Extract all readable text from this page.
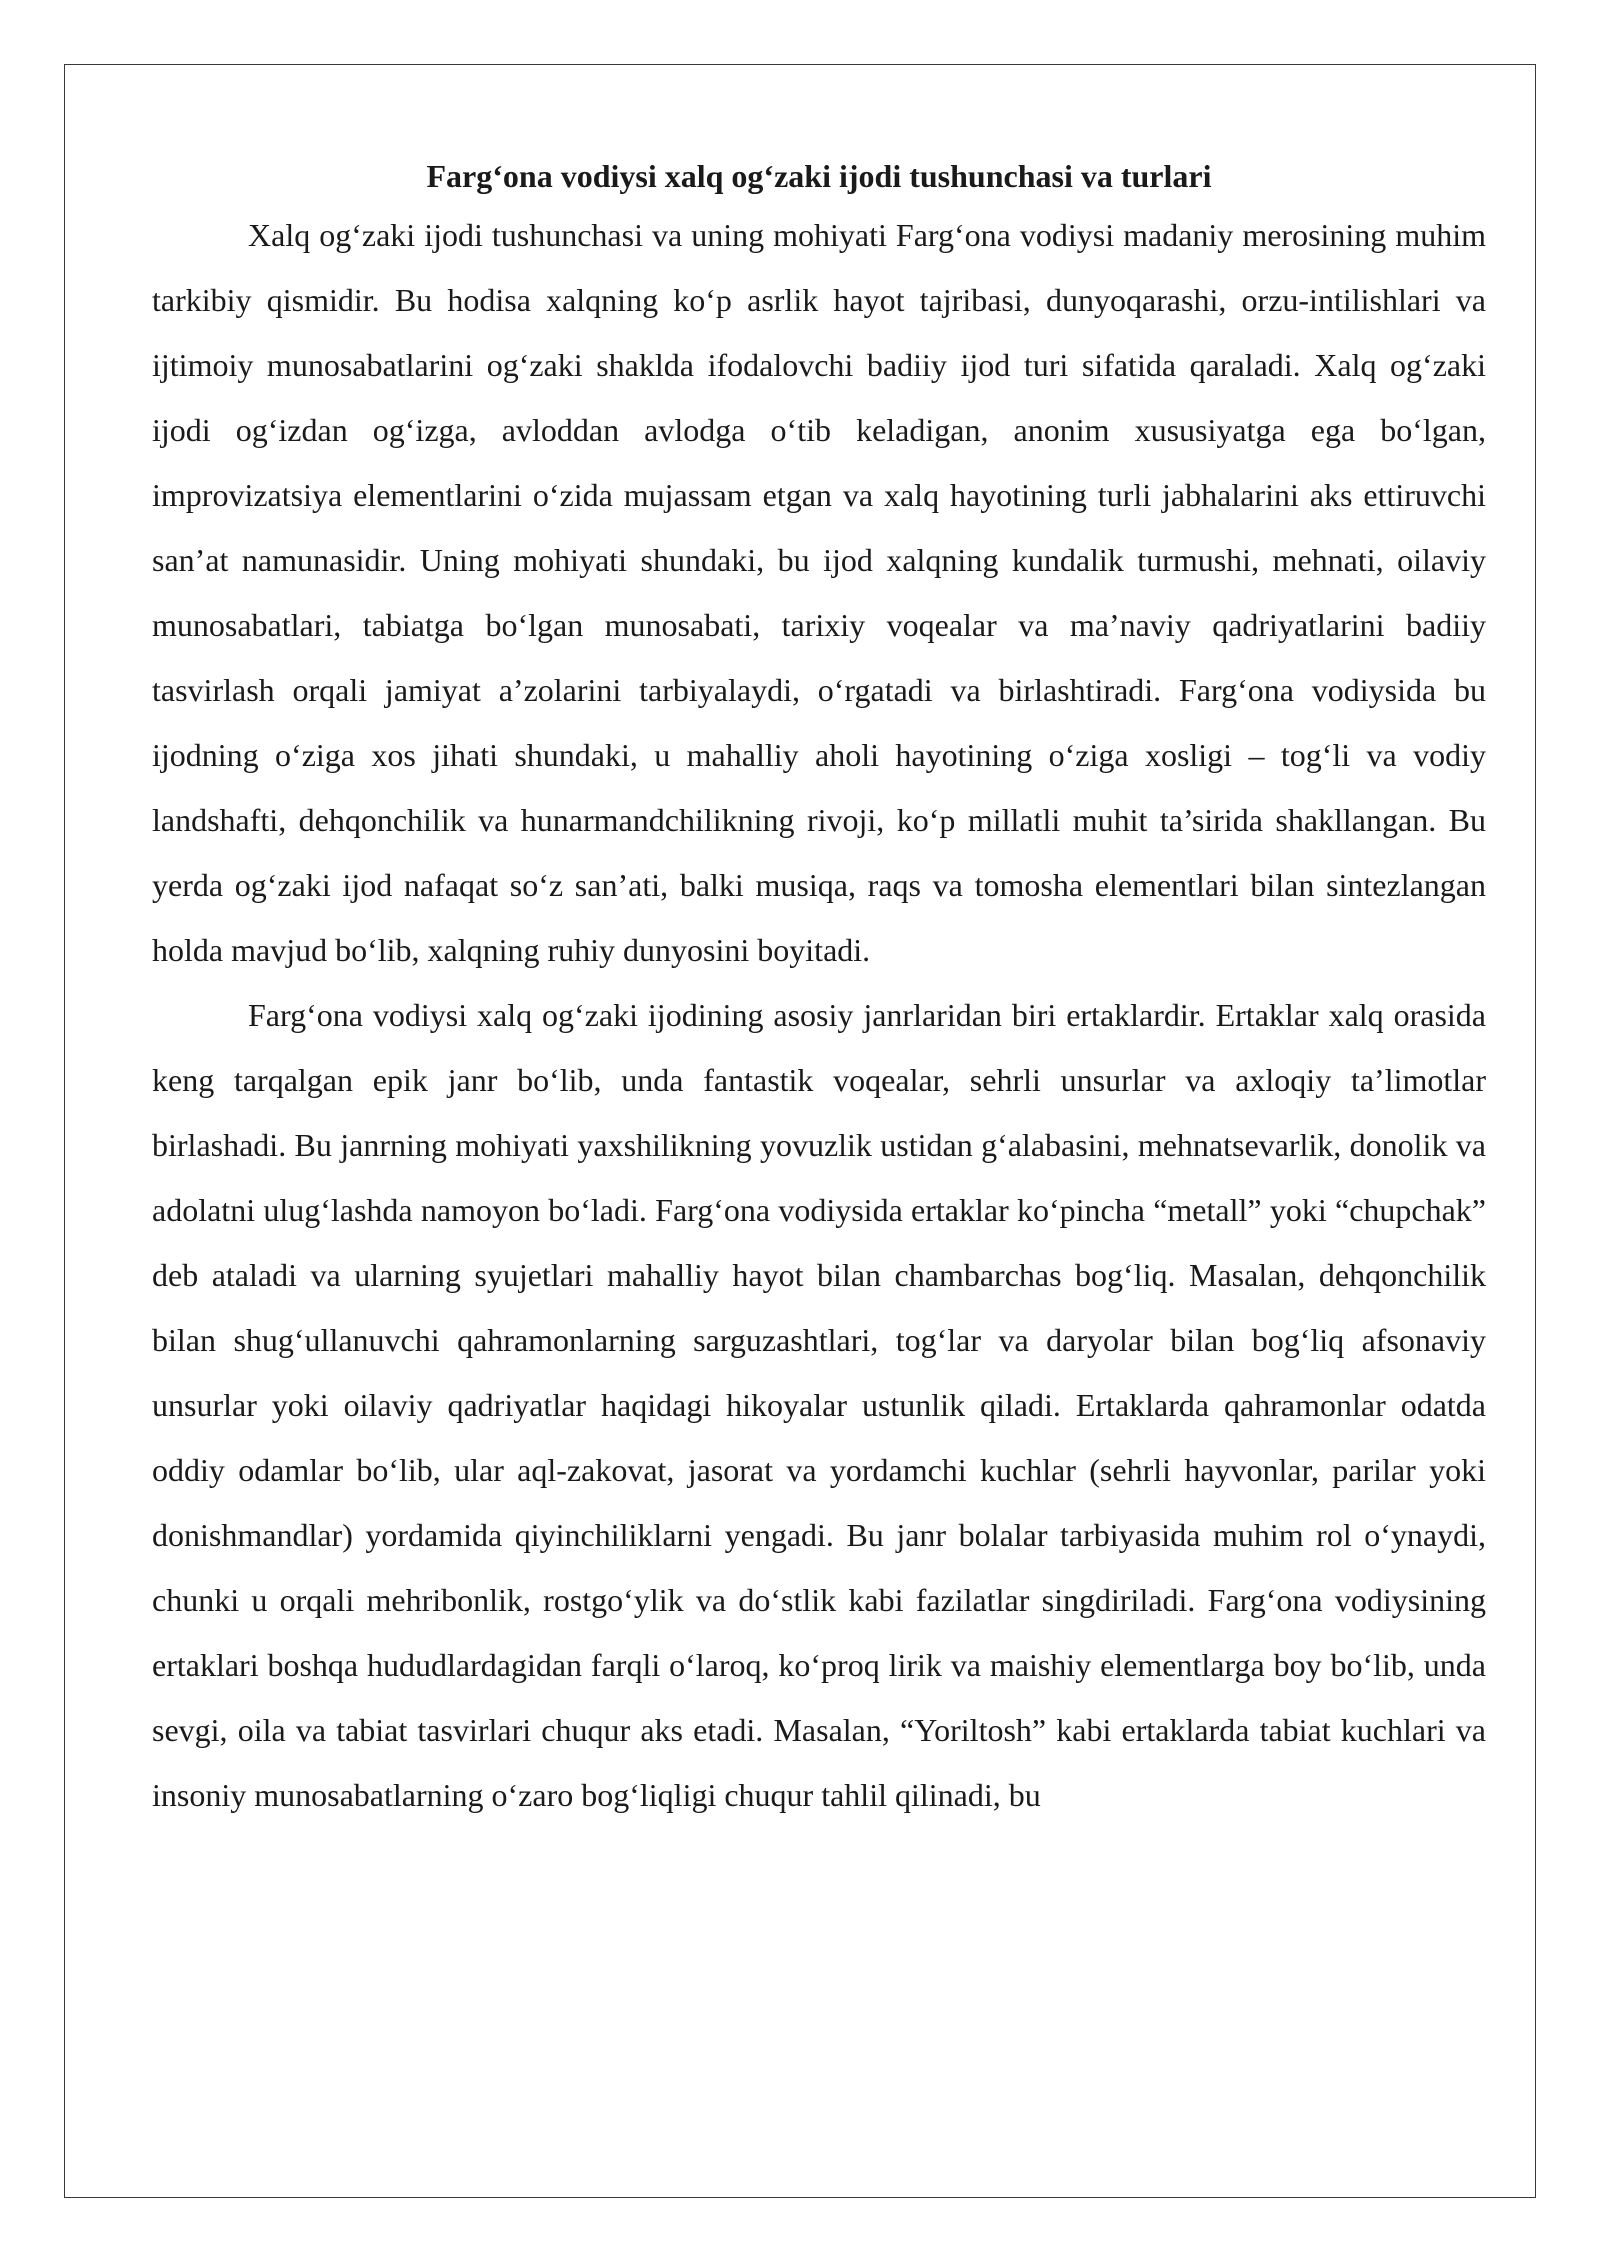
Farg‘ona vodiysi xalq og‘zaki ijodi tushunchasi va turlari

Xalq og‘zaki ijodi tushunchasi va uning mohiyati Farg‘ona vodiysi madaniy merosining muhim tarkibiy qismidir. Bu hodisa xalqning ko‘p asrlik hayot tajribasi, dunyoqarashi, orzu-intilishlari va ijtimoiy munosabatlarini og‘zaki shaklda ifodalovchi badiiy ijod turi sifatida qaraladi. Xalq og‘zaki ijodi og‘izdan og‘izga, avloddan avlodga o‘tib keladigan, anonim xususiyatga ega bo‘lgan, improvizatsiya elementlarini o‘zida mujassam etgan va xalq hayotining turli jabhalarini aks ettiruvchi san’at namunasidir. Uning mohiyati shundaki, bu ijod xalqning kundalik turmushi, mehnati, oilaviy munosabatlari, tabiatga bo‘lgan munosabati, tarixiy voqealar va ma’naviy qadriyatlarini badiiy tasvirlash orqali jamiyat a’zolarini tarbiyalaydi, o‘rgatadi va birlashtiradi. Farg‘ona vodiysida bu ijodning o‘ziga xos jihati shundaki, u mahalliy aholi hayotining o‘ziga xosligi – tog‘li va vodiy landshafti, dehqonchilik va hunarmandchilikning rivoji, ko‘p millatli muhit ta’sirida shakllangan. Bu yerda og‘zaki ijod nafaqat so‘z san’ati, balki musiqa, raqs va tomosha elementlari bilan sintezlangan holda mavjud bo‘lib, xalqning ruhiy dunyosini boyitadi.

Farg‘ona vodiysi xalq og‘zaki ijodining asosiy janrlaridan biri ertaklardir. Ertaklar xalq orasida keng tarqalgan epik janr bo‘lib, unda fantastik voqealar, sehrli unsurlar va axloqiy ta’limotlar birlashadi. Bu janrning mohiyati yaxshilikning yovuzlik ustidan g‘alabasini, mehnatsevarlik, donolik va adolatni ulug‘lashda namoyon bo‘ladi. Farg‘ona vodiysida ertaklar ko‘pincha “metall” yoki “chupchak” deb ataladi va ularning syujetlari mahalliy hayot bilan chambarchas bog‘liq. Masalan, dehqonchilik bilan shug‘ullanuvchi qahramonlarning sarguzashtlari, tog‘lar va daryolar bilan bog‘liq afsonaviy unsurlar yoki oilaviy qadriyatlar haqidagi hikoyalar ustunlik qiladi. Ertaklarda qahramonlar odatda oddiy odamlar bo‘lib, ular aql-zakovat, jasorat va yordamchi kuchlar (sehrli hayvonlar, parilar yoki donishmandlar) yordamida qiyinchiliklarni yengadi. Bu janr bolalar tarbiyasida muhim rol o‘ynaydi, chunki u orqali mehribonlik, rostgo‘ylik va do‘stlik kabi fazilatlar singdiriladi. Farg‘ona vodiysining ertaklari boshqa hududlardagidan farqli o‘laroq, ko‘proq lirik va maishiy elementlarga boy bo‘lib, unda sevgi, oila va tabiat tasvirlari chuqur aks etadi. Masalan, “Yoriltosh” kabi ertaklarda tabiat kuchlari va insoniy munosabatlarning o‘zaro bog‘liqligi chuqur tahlil qilinadi, bu
